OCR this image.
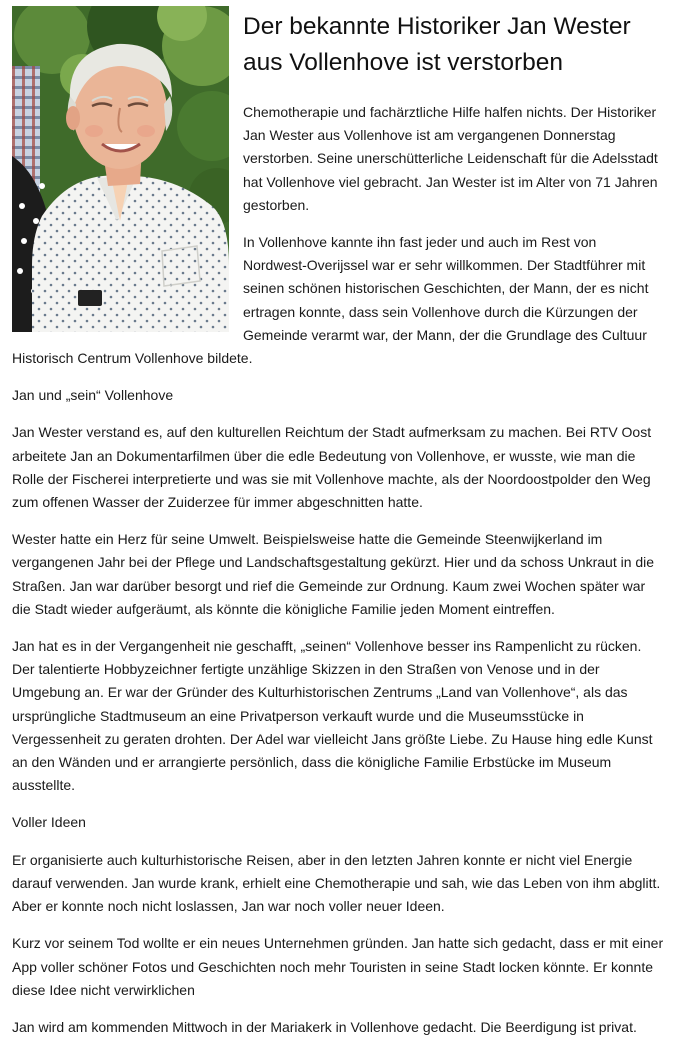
Der bekannte Historiker Jan Wester aus Vollenhove ist verstorben

Chemotherapie und fachärztliche Hilfe halfen nichts. Der Historiker Jan Wester aus Vollenhove ist am vergangenen Donnerstag verstorben. Seine unerschütterliche Leidenschaft für die Adelsstadt hat Vollenhove viel gebracht. Jan Wester ist im Alter von 71 Jahren gestorben.

In Vollenhove kannte ihn fast jeder und auch im Rest von Nordwest-Overijssel war er sehr willkommen. Der Stadtführer mit seinen schönen historischen Geschichten, der Mann, der es nicht ertragen konnte, dass sein Vollenhove durch die Kürzungen der Gemeinde verarmt war, der Mann, der die Grundlage des Cultuur Historisch Centrum Vollenhove bildete.

Jan und „sein“ Vollenhove

Jan Wester verstand es, auf den kulturellen Reichtum der Stadt aufmerksam zu machen. Bei RTV Oost arbeitete Jan an Dokumentarfilmen über die edle Bedeutung von Vollenhove, er wusste, wie man die Rolle der Fischerei interpretierte und was sie mit Vollenhove machte, als der Noordoostpolder den Weg zum offenen Wasser der Zuiderzee für immer abgeschnitten hatte.

Wester hatte ein Herz für seine Umwelt. Beispielsweise hatte die Gemeinde Steenwijkerland im vergangenen Jahr bei der Pflege und Landschaftsgestaltung gekürzt. Hier und da schoss Unkraut in die Straßen. Jan war darüber besorgt und rief die Gemeinde zur Ordnung. Kaum zwei Wochen später war die Stadt wieder aufgeräumt, als könnte die königliche Familie jeden Moment eintreffen.

Jan hat es in der Vergangenheit nie geschafft, „seinen“ Vollenhove besser ins Rampenlicht zu rücken. Der talentierte Hobbyzeichner fertigte unzählige Skizzen in den Straßen von Venose und in der Umgebung an. Er war der Gründer des Kulturhistorischen Zentrums „Land van Vollenhove“, als das ursprüngliche Stadtmuseum an eine Privatperson verkauft wurde und die Museumsstücke in Vergessenheit zu geraten drohten. Der Adel war vielleicht Jans größte Liebe. Zu Hause hing edle Kunst an den Wänden und er arrangierte persönlich, dass die königliche Familie Erbstücke im Museum ausstellte.

Voller Ideen

Er organisierte auch kulturhistorische Reisen, aber in den letzten Jahren konnte er nicht viel Energie darauf verwenden. Jan wurde krank, erhielt eine Chemotherapie und sah, wie das Leben von ihm abglitt. Aber er konnte noch nicht loslassen, Jan war noch voller neuer Ideen.

Kurz vor seinem Tod wollte er ein neues Unternehmen gründen. Jan hatte sich gedacht, dass er mit einer App voller schöner Fotos und Geschichten noch mehr Touristen in seine Stadt locken könnte. Er konnte diese Idee nicht verwirklichen

Jan wird am kommenden Mittwoch in der Mariakerk in Vollenhove gedacht. Die Beerdigung ist privat.
